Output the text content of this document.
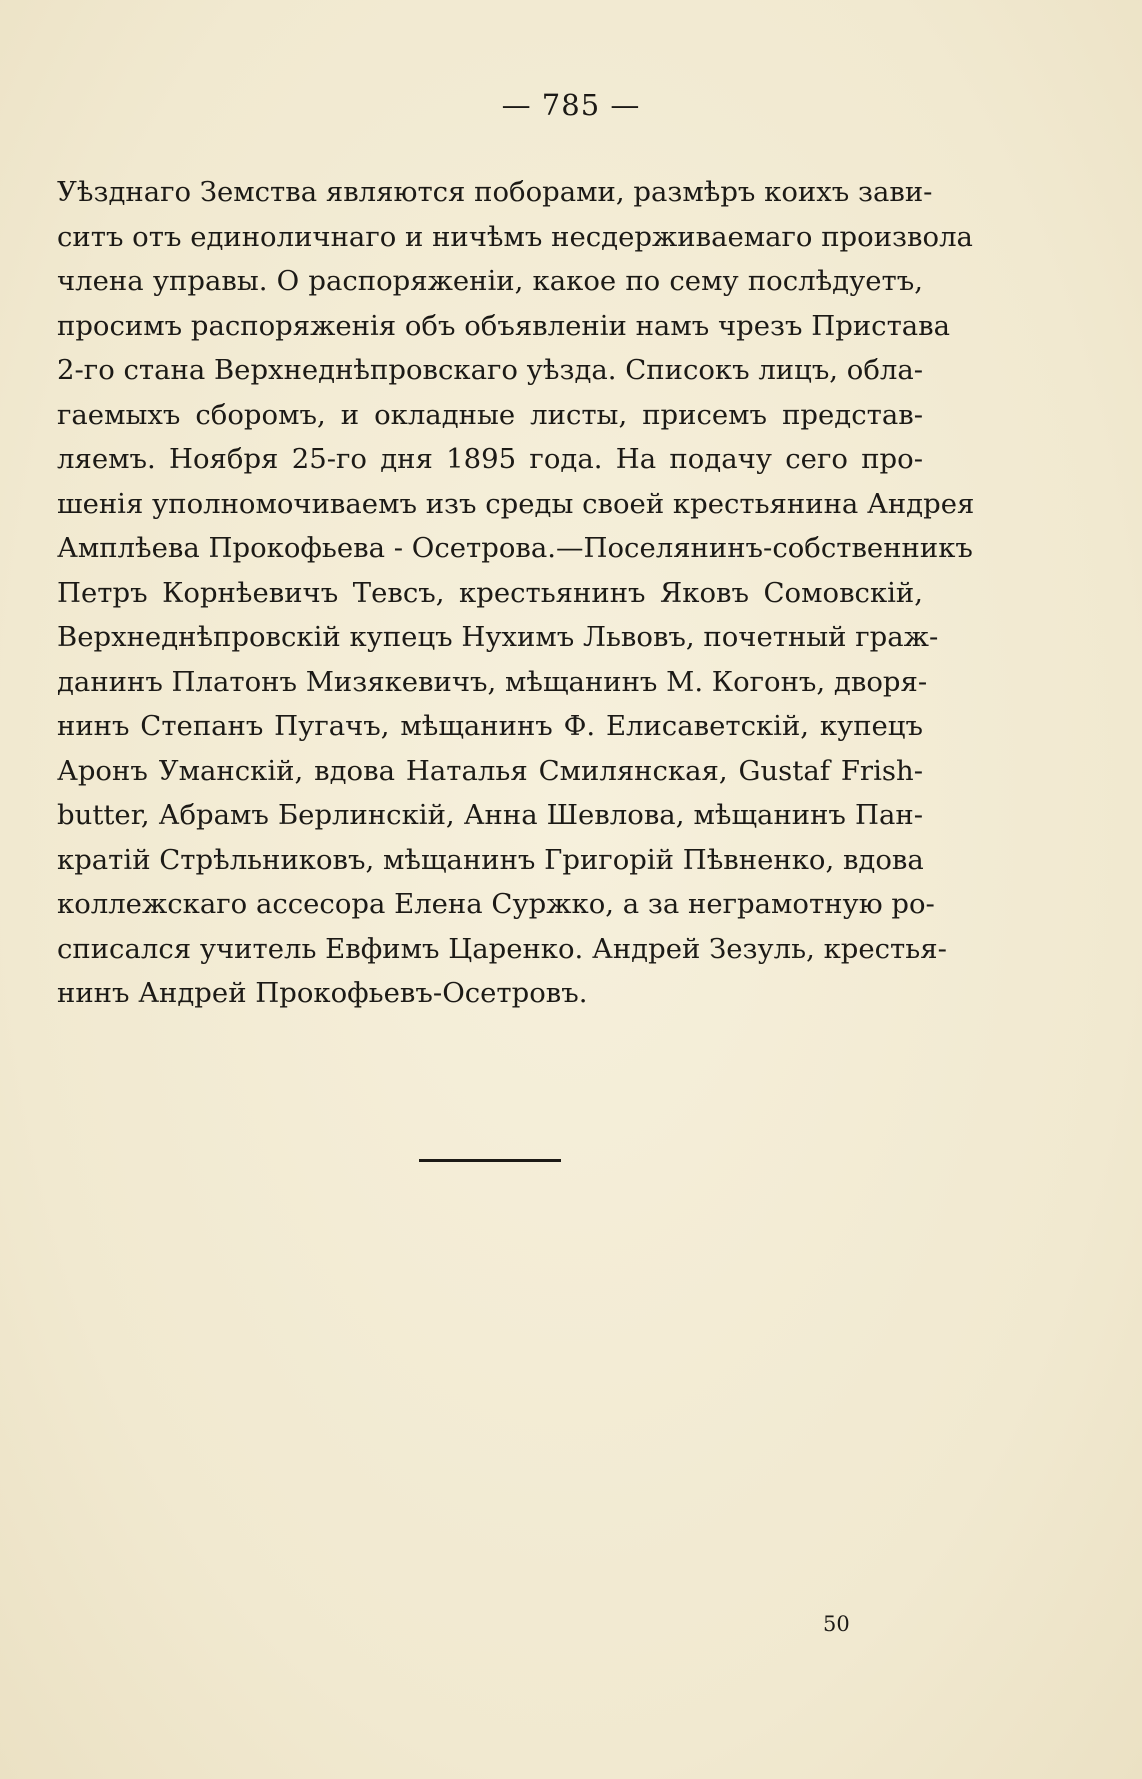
— 785 —
Уѣзднаго Земства являются поборами, размѣръ коихъ зави-
ситъ отъ единоличнаго и ничѣмъ несдерживаемаго произвола
члена управы. О распоряженіи, какое по сему послѣдуетъ,
просимъ распоряженія объ объявленіи намъ чрезъ Пристава
2-го стана Верхнеднѣпровскаго уѣзда. Списокъ лицъ, обла-
гаемыхъ сборомъ, и окладные листы, присемъ представ-
ляемъ. Ноября 25-го дня 1895 года. На подачу сего про-
шенія уполномочиваемъ изъ среды своей крестьянина Андрея
Амплѣева Прокофьева - Осетрова.—Поселянинъ-собственникъ
Петръ Корнѣевичъ Тевсъ, крестьянинъ Яковъ Сомовскій,
Верхнеднѣпровскій купецъ Нухимъ Львовъ, почетный граж-
данинъ Платонъ Мизякевичъ, мѣщанинъ М. Когонъ, дворя-
нинъ Степанъ Пугачъ, мѣщанинъ Ф. Елисаветскій, купецъ
Аронъ Уманскій, вдова Наталья Смилянская, Gustaf Frish-
butter, Абрамъ Берлинскій, Анна Шевлова, мѣщанинъ Пан-
кратій Стрѣльниковъ, мѣщанинъ Григорій Пѣвненко, вдова
коллежскаго ассесора Елена Суржко, а за неграмотную ро-
списался учитель Евфимъ Царенко. Андрей Зезуль, крестья-
нинъ Андрей Прокофьевъ-Осетровъ.
50
